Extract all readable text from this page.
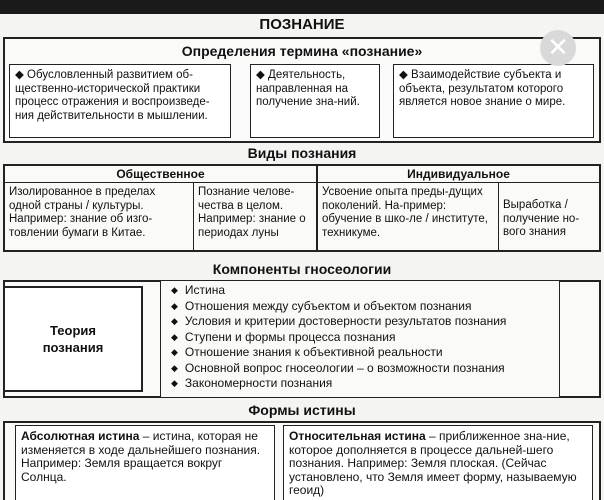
ПОЗНАНИЕ
Определения термина «познание»
◆ Обусловленный развитием об-щественно-исторической практики процесс отражения и воспроизведе-ния действительности в мышлении.
◆ Деятельность, направленная на получение зна-ний.
◆ Взаимодействие субъекта и объекта, результатом которого является новое знание о мире.
Виды познания
Общественное
Изолированное в пределах одной страны / культуры. Например: знание об изго-товлении бумаги в Китае.
Познание челове-чества в целом. Например: знание о периодах луны
Индивидуальное
Усвоение опыта преды-дущих поколений. На-пример: обучение в шко-ле / институте, техникуме.
Выработка / получение но-вого знания
Компоненты гносеологии
Теория познания
◆ Истина
◆ Отношения между субъектом и объектом познания
◆ Условия и критерии достоверности результатов познания
◆ Ступени и формы процесса познания
◆ Отношение знания к объективной реальности
◆ Основной вопрос гносеологии – о возможности познания
◆ Закономерности познания
Формы истины
Абсолютная истина – истина, которая не изменяется в ходе дальнейшего познания. Например: Земля вращается вокруг Солнца.
Относительная истина – приближенное зна-ние, которое дополняется в процессе дальней-шего познания. Например: Земля плоская. (Сейчас установлено, что Земля имеет форму, называемую геоид)
✕
